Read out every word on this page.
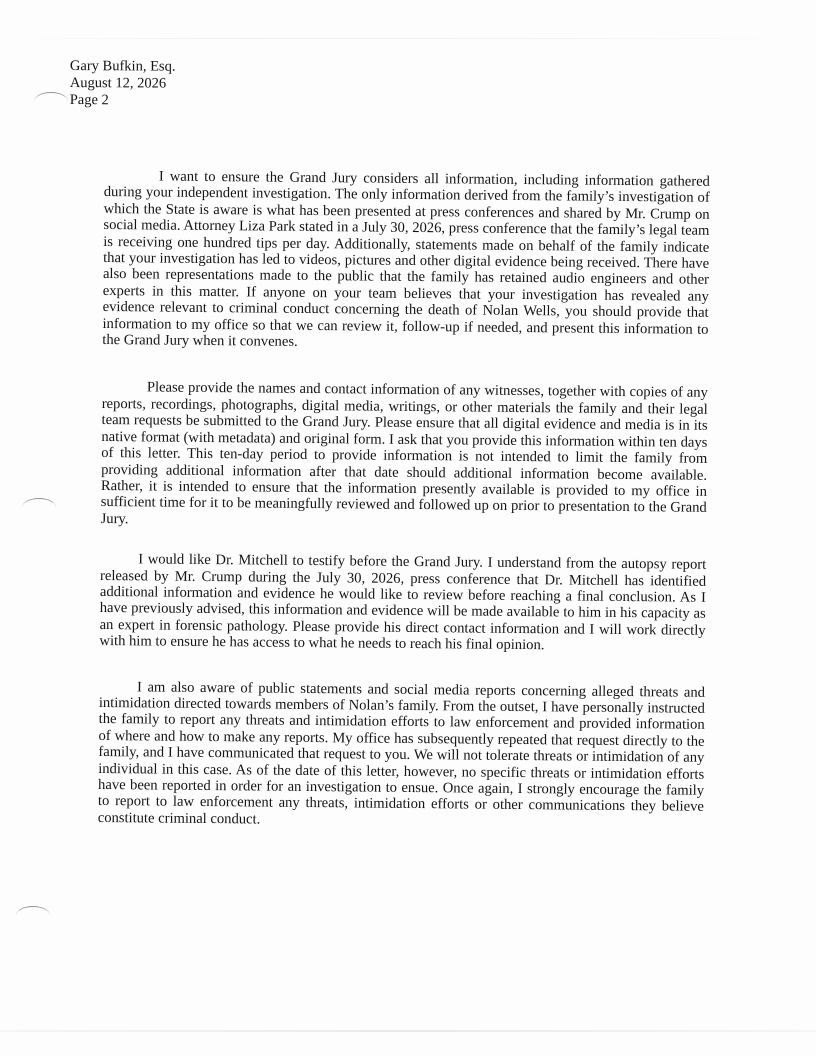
Gary Bufkin, Esq.
August 12, 2026
Page 2

I want to ensure the Grand Jury considers all information, including information gathered during your independent investigation. The only information derived from the family’s investigation of which the State is aware is what has been presented at press conferences and shared by Mr. Crump on social media. Attorney Liza Park stated in a July 30, 2026, press conference that the family’s legal team is receiving one hundred tips per day. Additionally, statements made on behalf of the family indicate that your investigation has led to videos, pictures and other digital evidence being received. There have also been representations made to the public that the family has retained audio engineers and other experts in this matter. If anyone on your team believes that your investigation has revealed any evidence relevant to criminal conduct concerning the death of Nolan Wells, you should provide that information to my office so that we can review it, follow-up if needed, and present this information to the Grand Jury when it convenes.

Please provide the names and contact information of any witnesses, together with copies of any reports, recordings, photographs, digital media, writings, or other materials the family and their legal team requests be submitted to the Grand Jury. Please ensure that all digital evidence and media is in its native format (with metadata) and original form. I ask that you provide this information within ten days of this letter. This ten-day period to provide information is not intended to limit the family from providing additional information after that date should additional information become available. Rather, it is intended to ensure that the information presently available is provided to my office in sufficient time for it to be meaningfully reviewed and followed up on prior to presentation to the Grand Jury.

I would like Dr. Mitchell to testify before the Grand Jury. I understand from the autopsy report released by Mr. Crump during the July 30, 2026, press conference that Dr. Mitchell has identified additional information and evidence he would like to review before reaching a final conclusion. As I have previously advised, this information and evidence will be made available to him in his capacity as an expert in forensic pathology. Please provide his direct contact information and I will work directly with him to ensure he has access to what he needs to reach his final opinion.

I am also aware of public statements and social media reports concerning alleged threats and intimidation directed towards members of Nolan’s family. From the outset, I have personally instructed the family to report any threats and intimidation efforts to law enforcement and provided information of where and how to make any reports. My office has subsequently repeated that request directly to the family, and I have communicated that request to you. We will not tolerate threats or intimidation of any individual in this case. As of the date of this letter, however, no specific threats or intimidation efforts have been reported in order for an investigation to ensue. Once again, I strongly encourage the family to report to law enforcement any threats, intimidation efforts or other communications they believe constitute criminal conduct.
